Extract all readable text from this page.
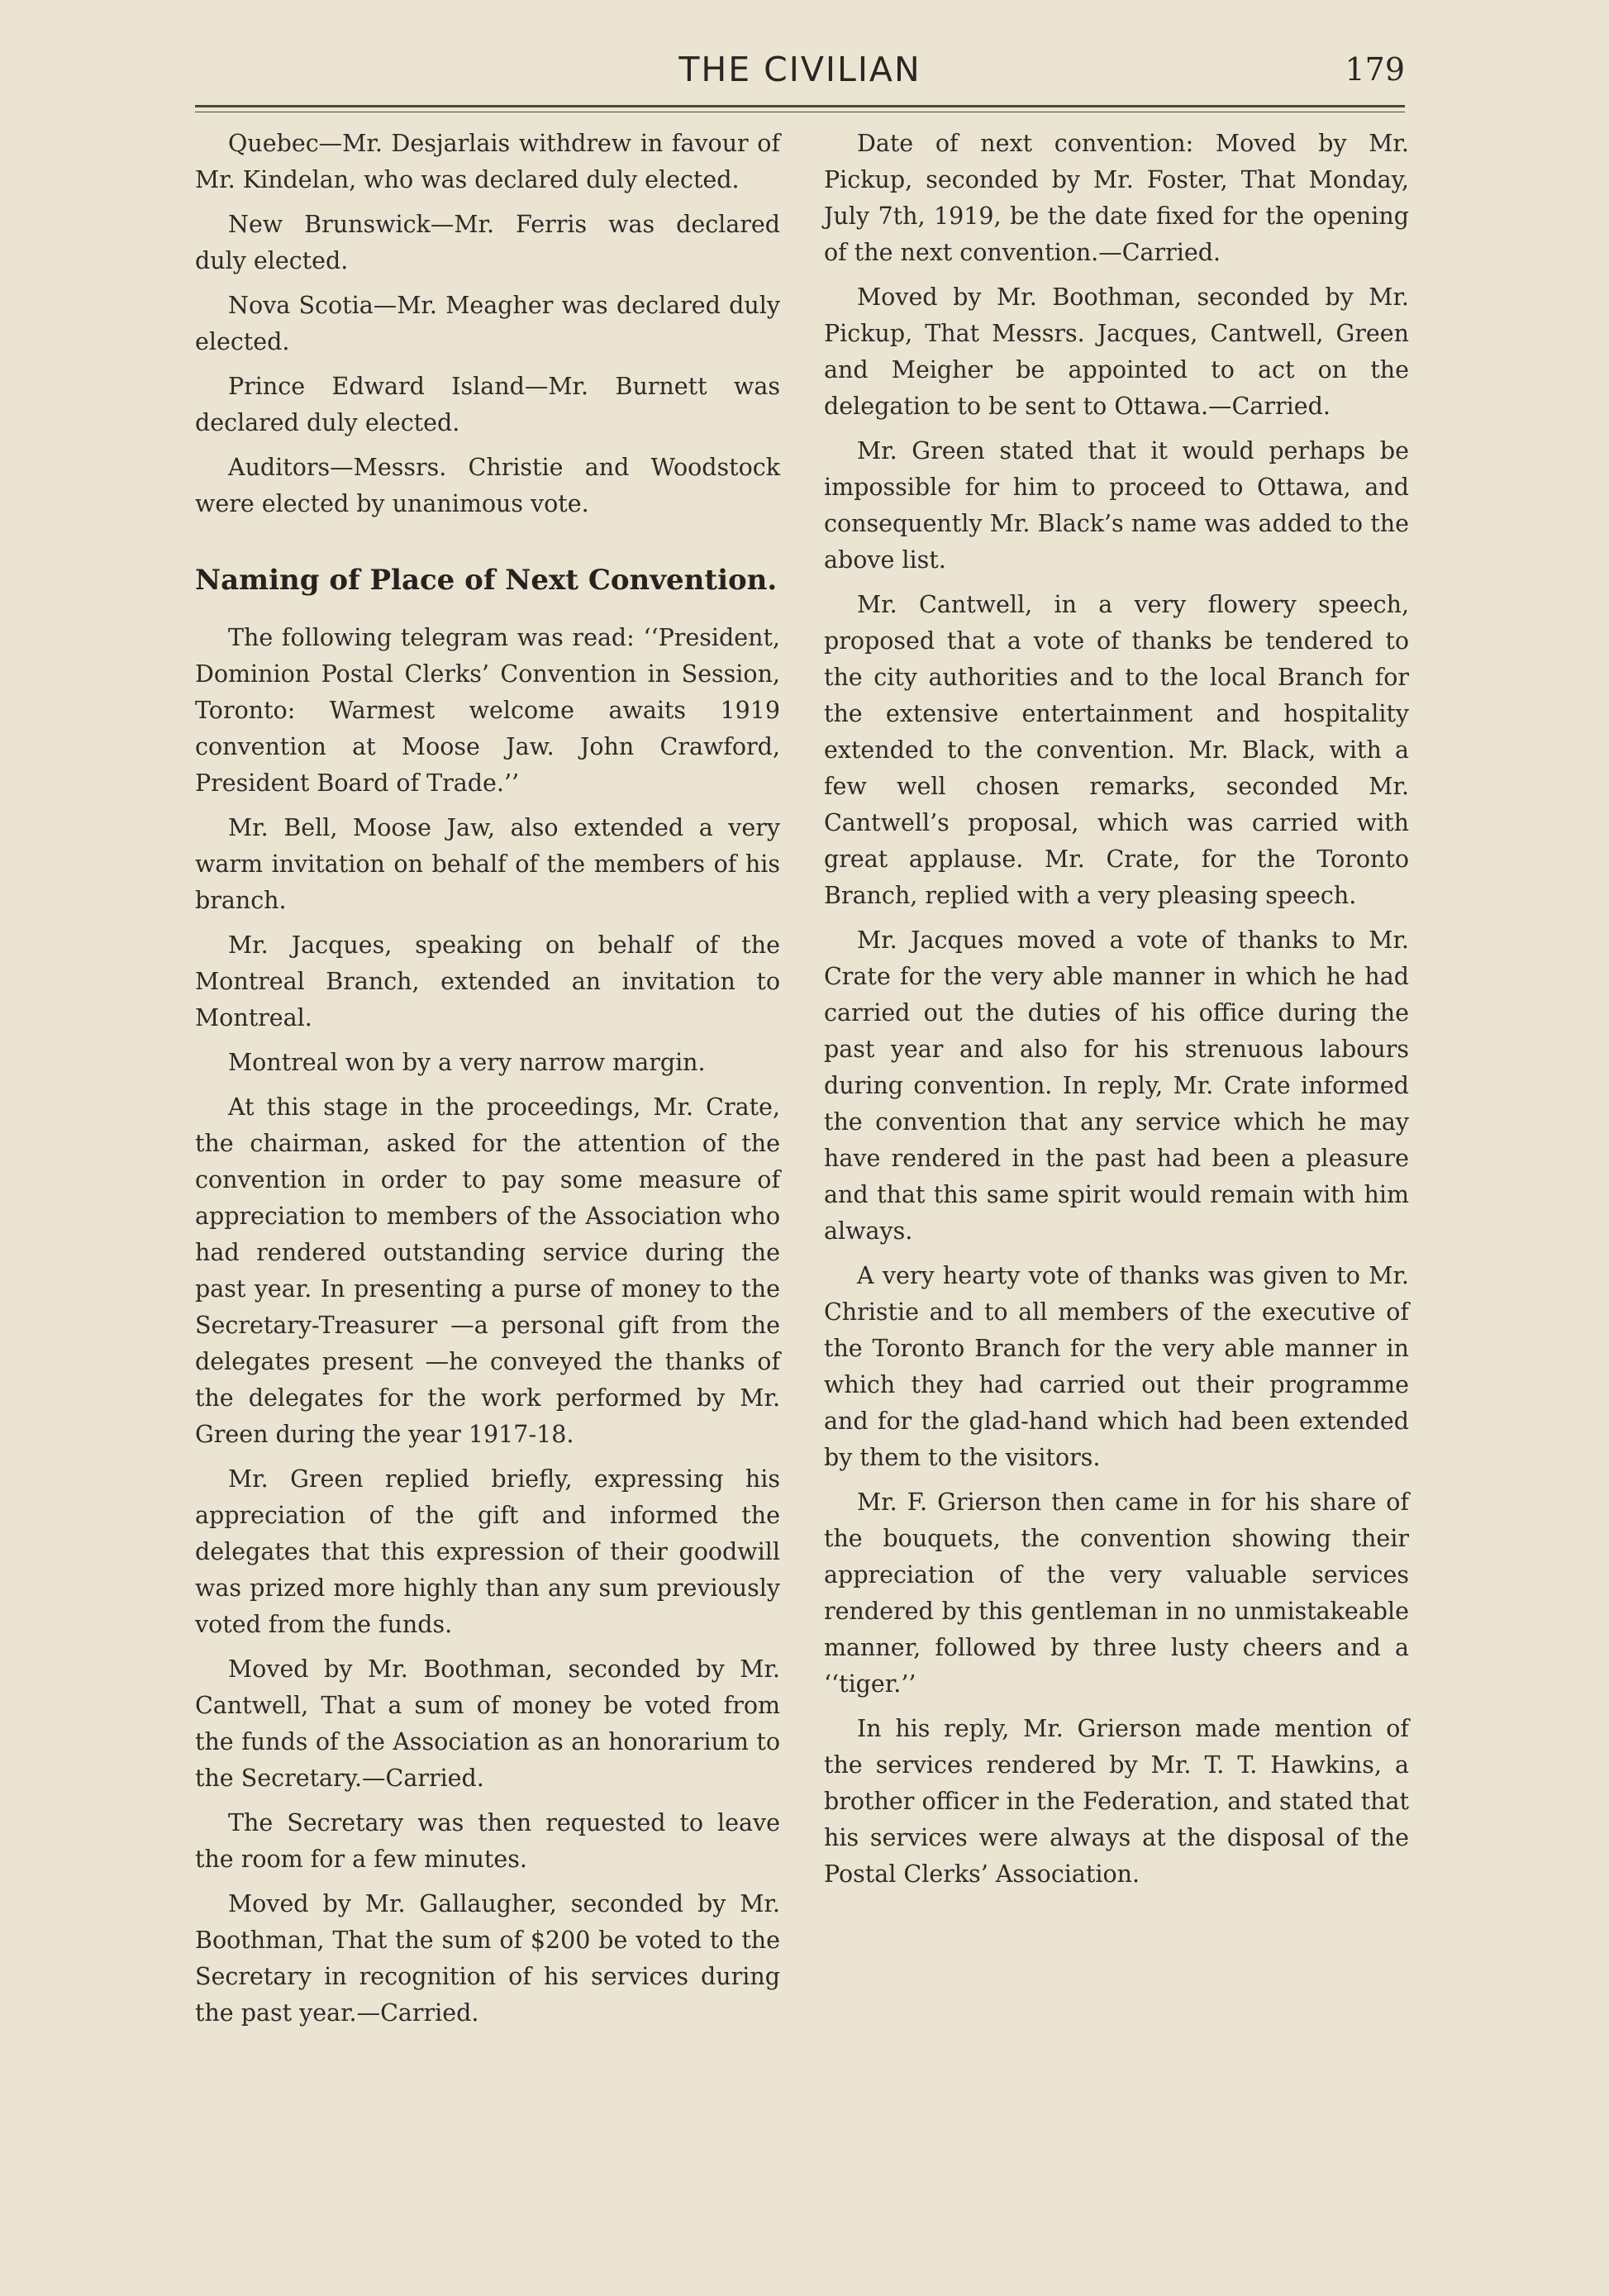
THE CIVILIAN	179

Quebec—Mr. Desjarlais withdrew in favour of Mr. Kindelan, who was declared duly elected.

New Brunswick—Mr. Ferris was declared duly elected.

Nova Scotia—Mr. Meagher was declared duly elected.

Prince Edward Island—Mr. Burnett was declared duly elected.

Auditors—Messrs. Christie and Woodstock were elected by unanimous vote.

Naming of Place of Next Convention.

The following telegram was read: ‘‘President, Dominion Postal Clerks’ Convention in Session, Toronto: Warmest welcome awaits 1919 convention at Moose Jaw. John Crawford, President Board of Trade.’’

Mr. Bell, Moose Jaw, also extended a very warm invitation on behalf of the members of his branch.

Mr. Jacques, speaking on behalf of the Montreal Branch, extended an invitation to Montreal.

Montreal won by a very narrow margin.

At this stage in the proceedings, Mr. Crate, the chairman, asked for the attention of the convention in order to pay some measure of appreciation to members of the Association who had rendered outstanding service during the past year. In presenting a purse of money to the Secretary-Treasurer —a personal gift from the delegates present —he conveyed the thanks of the delegates for the work performed by Mr. Green during the year 1917-18.

Mr. Green replied briefly, expressing his appreciation of the gift and informed the delegates that this expression of their goodwill was prized more highly than any sum previously voted from the funds.

Moved by Mr. Boothman, seconded by Mr. Cantwell, That a sum of money be voted from the funds of the Association as an honorarium to the Secretary.—Carried.

The Secretary was then requested to leave the room for a few minutes.

Moved by Mr. Gallaugher, seconded by Mr. Boothman, That the sum of $200 be voted to the Secretary in recognition of his services during the past year.—Carried.

Date of next convention: Moved by Mr. Pickup, seconded by Mr. Foster, That Monday, July 7th, 1919, be the date fixed for the opening of the next convention.—Carried.

Moved by Mr. Boothman, seconded by Mr. Pickup, That Messrs. Jacques, Cantwell, Green and Meigher be appointed to act on the delegation to be sent to Ottawa.—Carried.

Mr. Green stated that it would perhaps be impossible for him to proceed to Ottawa, and consequently Mr. Black’s name was added to the above list.

Mr. Cantwell, in a very flowery speech, proposed that a vote of thanks be tendered to the city authorities and to the local Branch for the extensive entertainment and hospitality extended to the convention. Mr. Black, with a few well chosen remarks, seconded Mr. Cantwell’s proposal, which was carried with great applause. Mr. Crate, for the Toronto Branch, replied with a very pleasing speech.

Mr. Jacques moved a vote of thanks to Mr. Crate for the very able manner in which he had carried out the duties of his office during the past year and also for his strenuous labours during convention. In reply, Mr. Crate informed the convention that any service which he may have rendered in the past had been a pleasure and that this same spirit would remain with him always.

A very hearty vote of thanks was given to Mr. Christie and to all members of the executive of the Toronto Branch for the very able manner in which they had carried out their programme and for the glad-hand which had been extended by them to the visitors.

Mr. F. Grierson then came in for his share of the bouquets, the convention showing their appreciation of the very valuable services rendered by this gentleman in no unmistakeable manner, followed by three lusty cheers and a ‘‘tiger.’’

In his reply, Mr. Grierson made mention of the services rendered by Mr. T. T. Hawkins, a brother officer in the Federation, and stated that his services were always at the disposal of the Postal Clerks’ Association.
